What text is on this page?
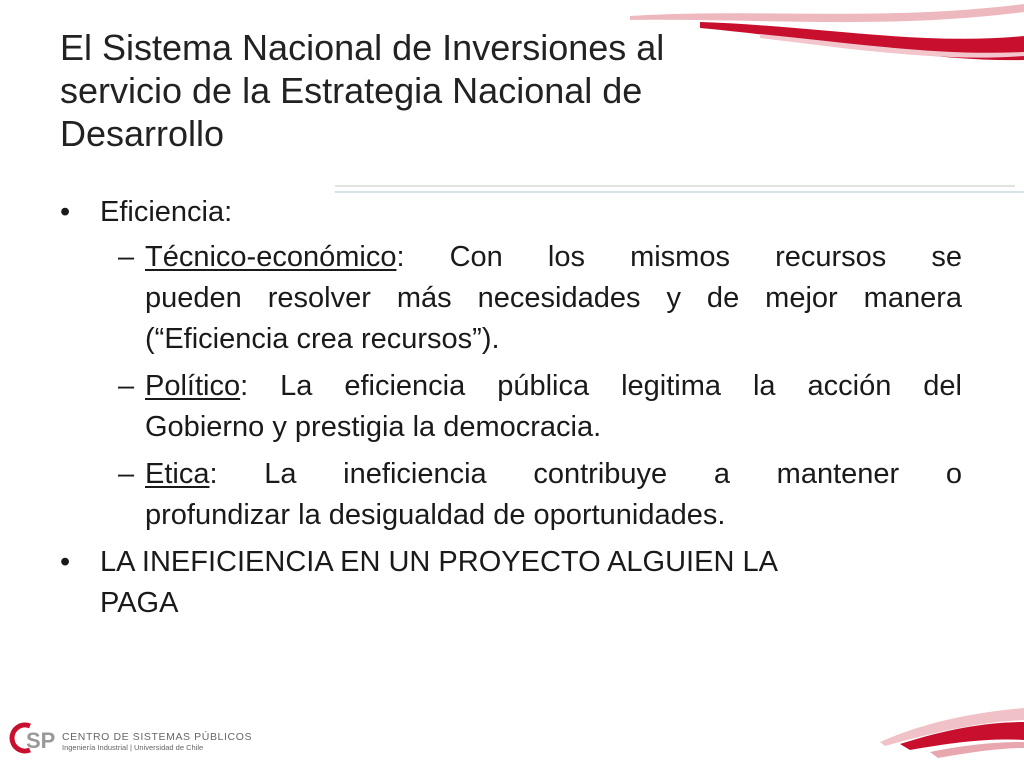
El Sistema Nacional de Inversiones al
servicio de la Estrategia Nacional de
Desarrollo
• Eficiencia:
– Técnico-económico: Con los mismos recursos se
pueden resolver más necesidades y de mejor manera
(“Eficiencia crea recursos”).
– Político: La eficiencia pública legitima la acción del
Gobierno y prestigia la democracia.
– Etica: La ineficiencia contribuye a mantener o
profundizar la desigualdad de oportunidades.
• LA INEFICIENCIA EN UN PROYECTO ALGUIEN LA
PAGA
SP CENTRO DE SISTEMAS PÚBLICOS
Ingeniería Industrial | Universidad de Chile
